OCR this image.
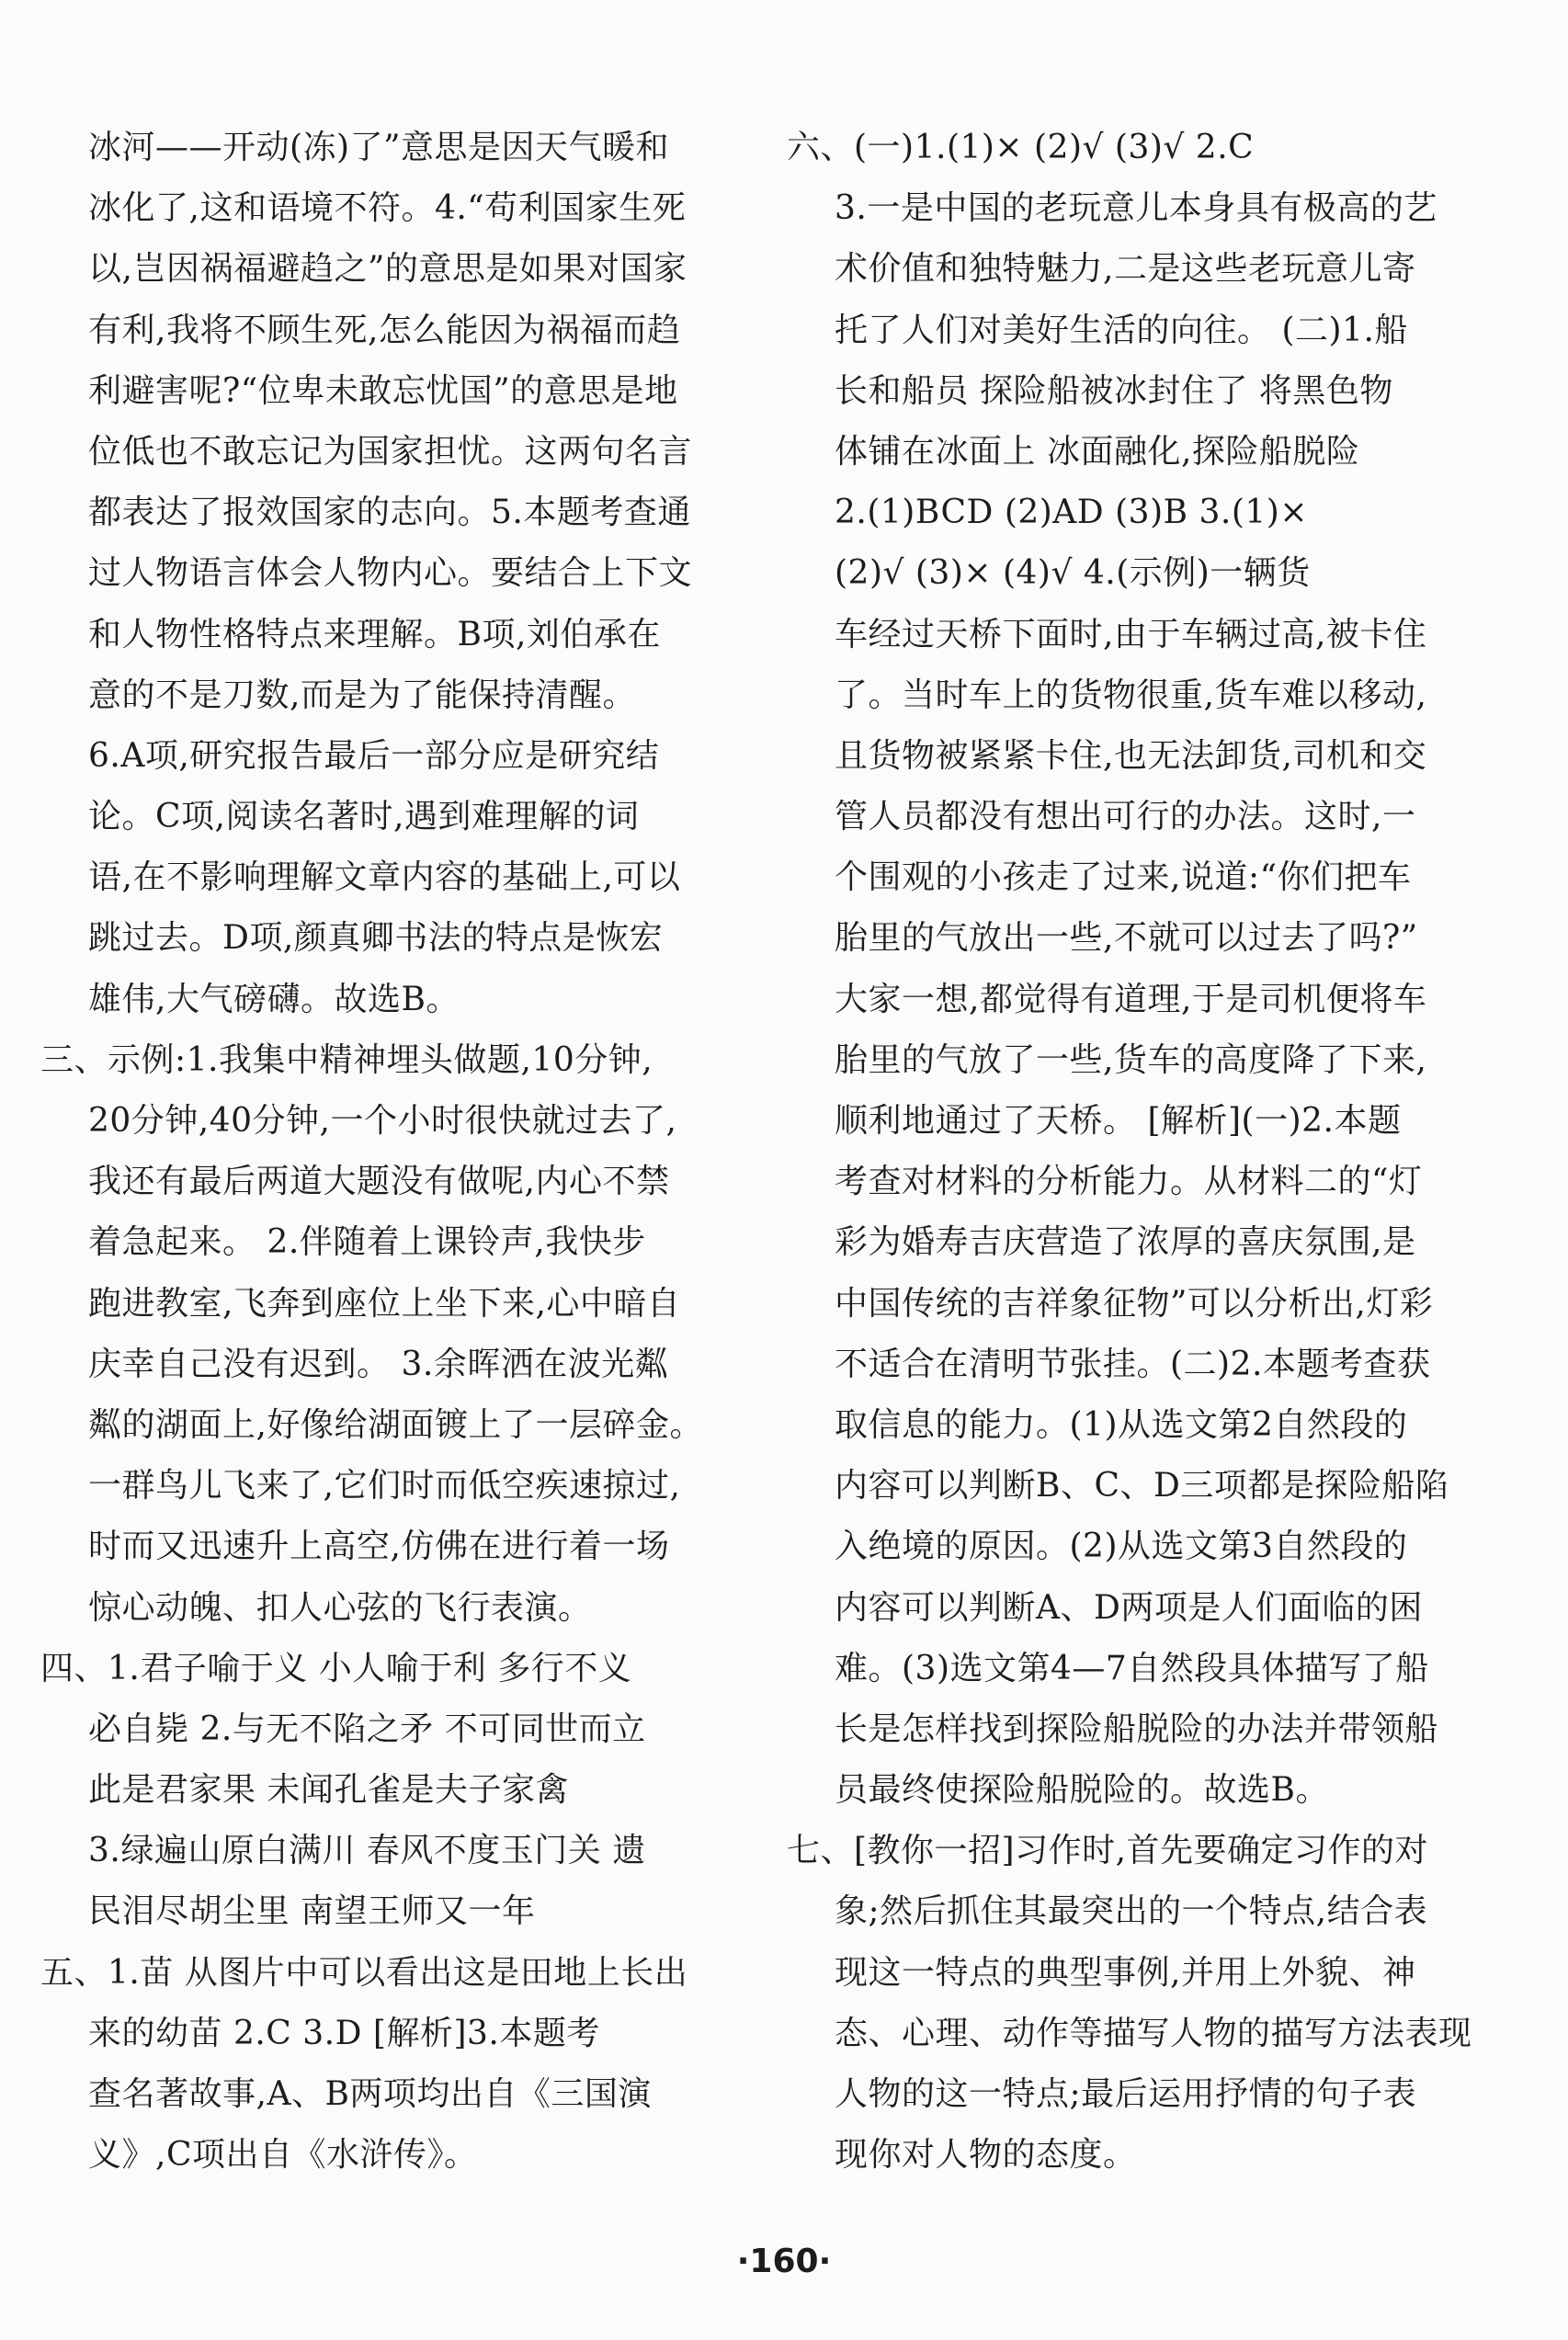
冰河——开动(冻)了”意思是因天气暖和
冰化了,这和语境不符。4.“苟利国家生死
以,岂因祸福避趋之”的意思是如果对国家
有利,我将不顾生死,怎么能因为祸福而趋
利避害呢?“位卑未敢忘忧国”的意思是地
位低也不敢忘记为国家担忧。这两句名言
都表达了报效国家的志向。5.本题考查通
过人物语言体会人物内心。要结合上下文
和人物性格特点来理解。B项,刘伯承在
意的不是刀数,而是为了能保持清醒。
6.A项,研究报告最后一部分应是研究结
论。C项,阅读名著时,遇到难理解的词
语,在不影响理解文章内容的基础上,可以
跳过去。D项,颜真卿书法的特点是恢宏
雄伟,大气磅礴。故选B。
三、示例:1.我集中精神埋头做题,10分钟,
20分钟,40分钟,一个小时很快就过去了,
我还有最后两道大题没有做呢,内心不禁
着急起来。 2.伴随着上课铃声,我快步
跑进教室,飞奔到座位上坐下来,心中暗自
庆幸自己没有迟到。 3.余晖洒在波光粼
粼的湖面上,好像给湖面镀上了一层碎金。
一群鸟儿飞来了,它们时而低空疾速掠过,
时而又迅速升上高空,仿佛在进行着一场
惊心动魄、扣人心弦的飞行表演。
四、1.君子喻于义 小人喻于利 多行不义
必自毙 2.与无不陷之矛 不可同世而立
此是君家果 未闻孔雀是夫子家禽
3.绿遍山原白满川 春风不度玉门关 遗
民泪尽胡尘里 南望王师又一年
五、1.苗 从图片中可以看出这是田地上长出
来的幼苗 2.C 3.D [解析]3.本题考
查名著故事,A、B两项均出自《三国演
义》,C项出自《水浒传》。
六、(一)1.(1)× (2)√ (3)√ 2.C
3.一是中国的老玩意儿本身具有极高的艺
术价值和独特魅力,二是这些老玩意儿寄
托了人们对美好生活的向往。 (二)1.船
长和船员 探险船被冰封住了 将黑色物
体铺在冰面上 冰面融化,探险船脱险
2.(1)BCD (2)AD (3)B 3.(1)×
(2)√ (3)× (4)√ 4.(示例)一辆货
车经过天桥下面时,由于车辆过高,被卡住
了。当时车上的货物很重,货车难以移动,
且货物被紧紧卡住,也无法卸货,司机和交
管人员都没有想出可行的办法。这时,一
个围观的小孩走了过来,说道:“你们把车
胎里的气放出一些,不就可以过去了吗?”
大家一想,都觉得有道理,于是司机便将车
胎里的气放了一些,货车的高度降了下来,
顺利地通过了天桥。 [解析](一)2.本题
考查对材料的分析能力。从材料二的“灯
彩为婚寿吉庆营造了浓厚的喜庆氛围,是
中国传统的吉祥象征物”可以分析出,灯彩
不适合在清明节张挂。(二)2.本题考查获
取信息的能力。(1)从选文第2自然段的
内容可以判断B、C、D三项都是探险船陷
入绝境的原因。(2)从选文第3自然段的
内容可以判断A、D两项是人们面临的困
难。(3)选文第4—7自然段具体描写了船
长是怎样找到探险船脱险的办法并带领船
员最终使探险船脱险的。故选B。
七、[教你一招]习作时,首先要确定习作的对
象;然后抓住其最突出的一个特点,结合表
现这一特点的典型事例,并用上外貌、神
态、心理、动作等描写人物的描写方法表现
人物的这一特点;最后运用抒情的句子表
现你对人物的态度。
·160·
